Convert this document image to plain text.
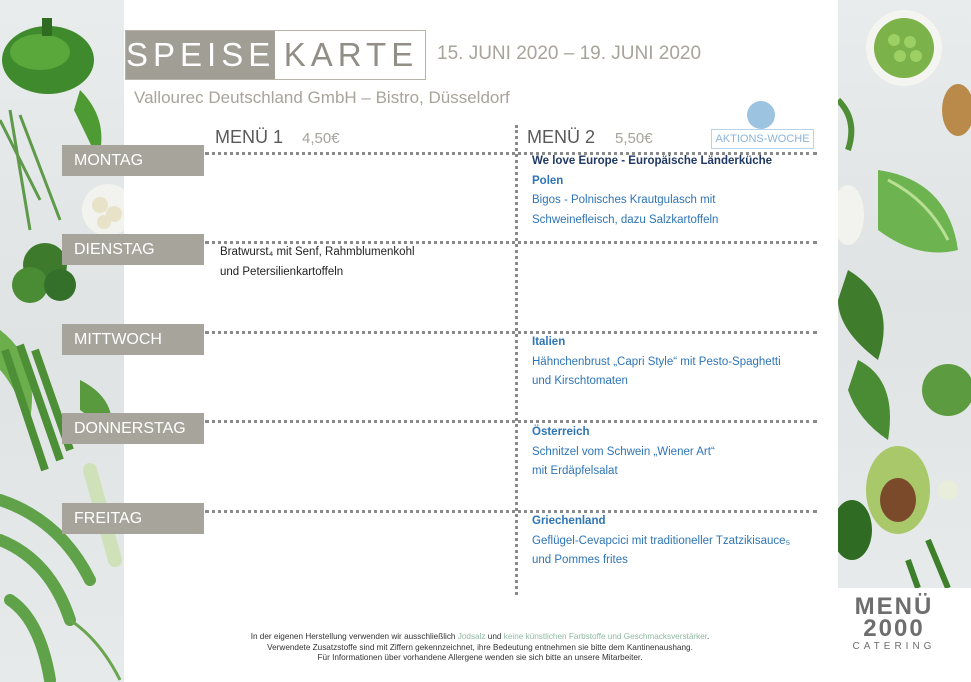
SPEISE KARTE 15. JUNI 2020 – 19. JUNI 2020
Vallourec Deutschland GmbH – Bistro, Düsseldorf
MENÜ 1 4,50€	MENÜ 2 5,50€	AKTIONS-WOCHE
MONTAG
DIENSTAG
MITTWOCH
DONNERSTAG
FREITAG
Bratwurst₄ mit Senf, Rahmblumenkohl
und Petersilienkartoffeln
We love Europe - Europäische Länderküche
Polen
Bigos - Polnisches Krautgulasch mit
Schweinefleisch, dazu Salzkartoffeln
Italien
Hähnchenbrust „Capri Style“ mit Pesto-Spaghetti
und Kirschtomaten
Österreich
Schnitzel vom Schwein „Wiener Art“
mit Erdäpfelsalat
Griechenland
Geflügel-Cevapcici mit traditioneller Tzatzikisauce₅
und Pommes frites
In der eigenen Herstellung verwenden wir ausschließlich Jodsalz und keine künstlichen Farbstoffe und Geschmacksverstärker.
Verwendete Zusatzstoffe sind mit Ziffern gekennzeichnet, ihre Bedeutung entnehmen sie bitte dem Kantinenaushang.
Für Informationen über vorhandene Allergene wenden sie sich bitte an unsere Mitarbeiter.
MENÜ
2000
CATERING
